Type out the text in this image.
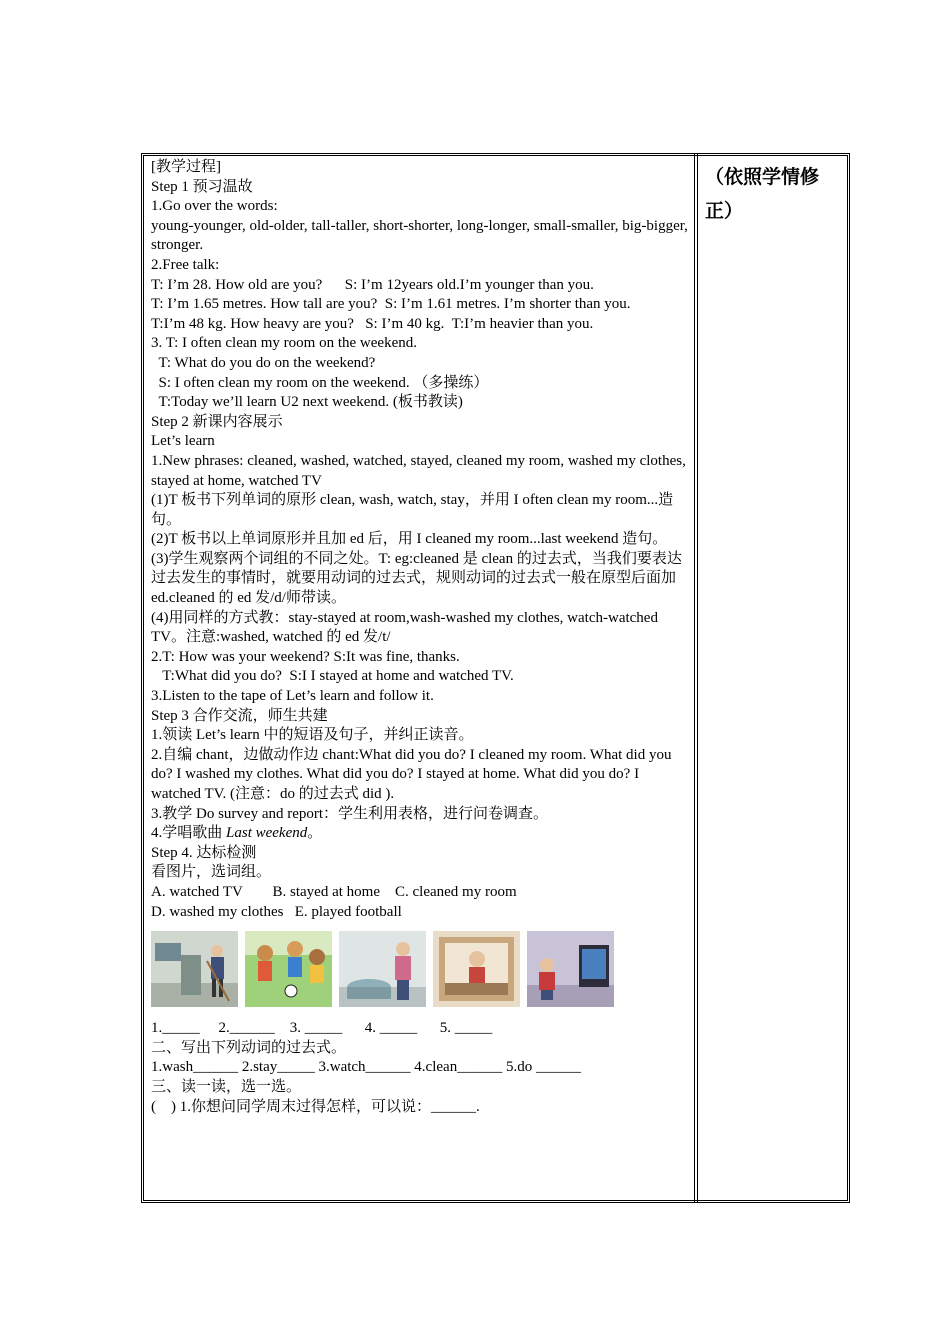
（依照学情修正）

[教学过程]

Step 1 预习温故

1.Go over the words:

young-younger, old-older, tall-taller, short-shorter, long-longer, small-smaller, big-bigger, stronger.

2.Free talk:

T: I’m 28. How old are you?      S: I’m 12years old.I’m younger than you.

T: I’m 1.65 metres. How tall are you?  S: I’m 1.61 metres. I’m shorter than you.

T:I’m 48 kg. How heavy are you?   S: I’m 40 kg.  T:I’m heavier than you.

3. T: I often clean my room on the weekend.

T: What do you do on the weekend?

S: I often clean my room on the weekend. （多操练）

T:Today we’ll learn U2 next weekend. (板书教读)

Step 2 新课内容展示

Let’s learn

1.New phrases: cleaned, washed, watched, stayed, cleaned my room, washed my clothes, stayed at home, watched TV

(1)T 板书下列单词的原形 clean, wash, watch, stay，并用 I often clean my room...造句。

(2)T 板书以上单词原形并且加 ed 后，用 I cleaned my room...last weekend 造句。

(3)学生观察两个词组的不同之处。T: eg:cleaned 是 clean 的过去式，当我们要表达过去发生的事情时，就要用动词的过去式，规则动词的过去式一般在原型后面加 ed.cleaned 的 ed 发/d/师带读。

(4)用同样的方式教：stay-stayed at room,wash-washed my clothes, watch-watched TV。注意:washed, watched 的 ed 发/t/

2.T: How was your weekend? S:It was fine, thanks.

T:What did you do?  S:I I stayed at home and watched TV.

3.Listen to the tape of Let’s learn and follow it.

Step 3 合作交流，师生共建

1.领读 Let’s learn 中的短语及句子，并纠正读音。

2.自编 chant，边做动作边 chant:What did you do? I cleaned my room. What did you do? I washed my clothes. What did you do? I stayed at home. What did you do? I watched TV. (注意：do 的过去式 did ).

3.教学 Do survey and report：学生利用表格，进行问卷调查。

4.学唱歌曲 Last weekend。

Step 4. 达标检测

看图片，选词组。

A. watched TV        B. stayed at home    C. cleaned my room

D. washed my clothes   E. played football

1._____     2.______    3. _____      4. _____      5. _____

二、写出下列动词的过去式。

1.wash______ 2.stay_____ 3.watch______ 4.clean______ 5.do ______

三、读一读，选一选。

(    ) 1.你想问同学周末过得怎样，可以说：______.
